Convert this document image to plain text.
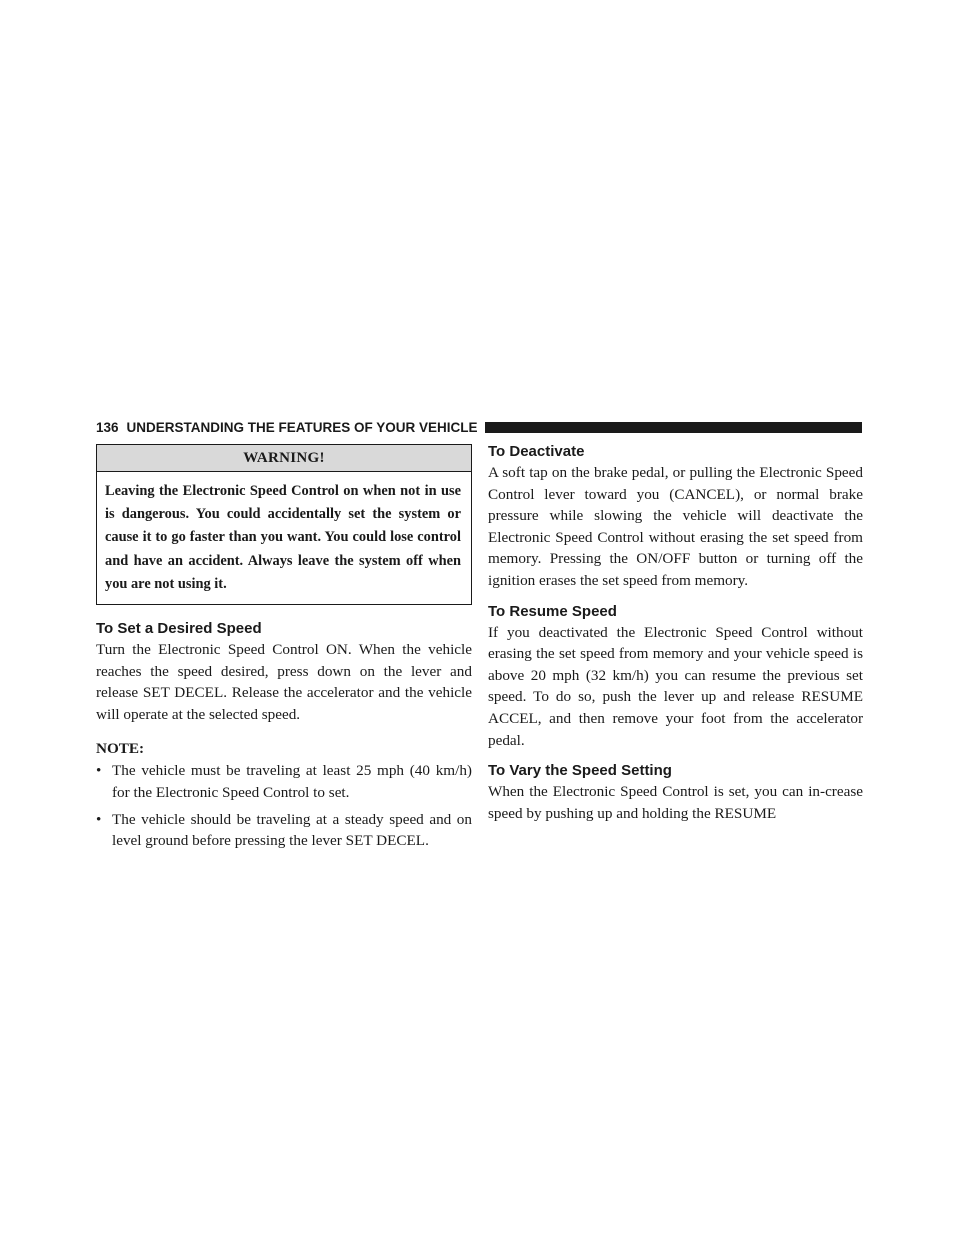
136 UNDERSTANDING THE FEATURES OF YOUR VEHICLE
WARNING!
Leaving the Electronic Speed Control on when not in use is dangerous. You could accidentally set the system or cause it to go faster than you want. You could lose control and have an accident. Always leave the system off when you are not using it.
To Set a Desired Speed

Turn the Electronic Speed Control ON. When the vehicle reaches the speed desired, press down on the lever and release SET DECEL. Release the accelerator and the vehicle will operate at the selected speed.

NOTE:
• The vehicle must be traveling at least 25 mph (40 km/h) for the Electronic Speed Control to set.
• The vehicle should be traveling at a steady speed and on level ground before pressing the lever SET DECEL.
To Deactivate

A soft tap on the brake pedal, or pulling the Electronic Speed Control lever toward you (CANCEL), or normal brake pressure while slowing the vehicle will deactivate the Electronic Speed Control without erasing the set speed from memory. Pressing the ON/OFF button or turning off the ignition erases the set speed from memory.

To Resume Speed

If you deactivated the Electronic Speed Control without erasing the set speed from memory and your vehicle speed is above 20 mph (32 km/h) you can resume the previous set speed. To do so, push the lever up and release RESUME ACCEL, and then remove your foot from the accelerator pedal.

To Vary the Speed Setting

When the Electronic Speed Control is set, you can in-crease speed by pushing up and holding the RESUME
